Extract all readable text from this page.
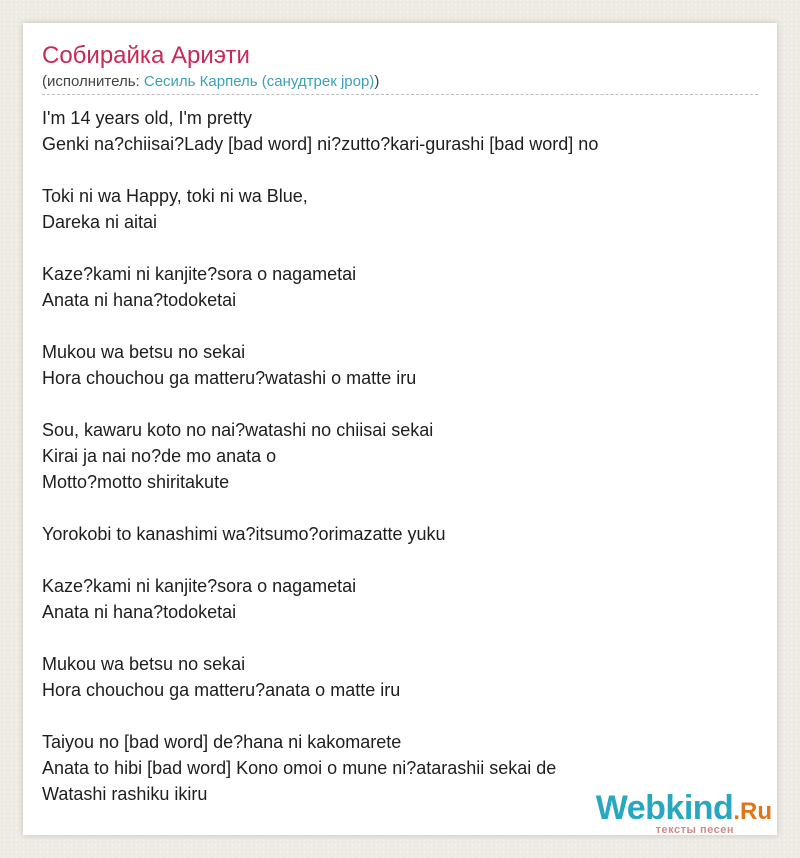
Собирайка Ариэти
(исполнитель: Сесиль Карпель (санудтрек jpop))
I'm 14 years old, I'm pretty
Genki na?chiisai?Lady [bad word] ni?zutto?kari-gurashi [bad word] no

Toki ni wa Happy, toki ni wa Blue,
Dareka ni aitai

Kaze?kami ni kanjite?sora o nagametai
Anata ni hana?todoketai

Mukou wa betsu no sekai
Hora chouchou ga matteru?watashi o matte iru

Sou, kawaru koto no nai?watashi no chiisai sekai
Kirai ja nai no?de mo anata o
Motto?motto shiritakute

Yorokobi to kanashimi wa?itsumo?orimazatte yuku

Kaze?kami ni kanjite?sora o nagametai
Anata ni hana?todoketai

Mukou wa betsu no sekai
Hora chouchou ga matteru?anata o matte iru

Taiyou no [bad word] de?hana ni kakomarete
Anata to hibi [bad word] Kono omoi o mune ni?atarashii sekai de
Watashi rashiku ikiru	Webkind.Ru
тексты песен
